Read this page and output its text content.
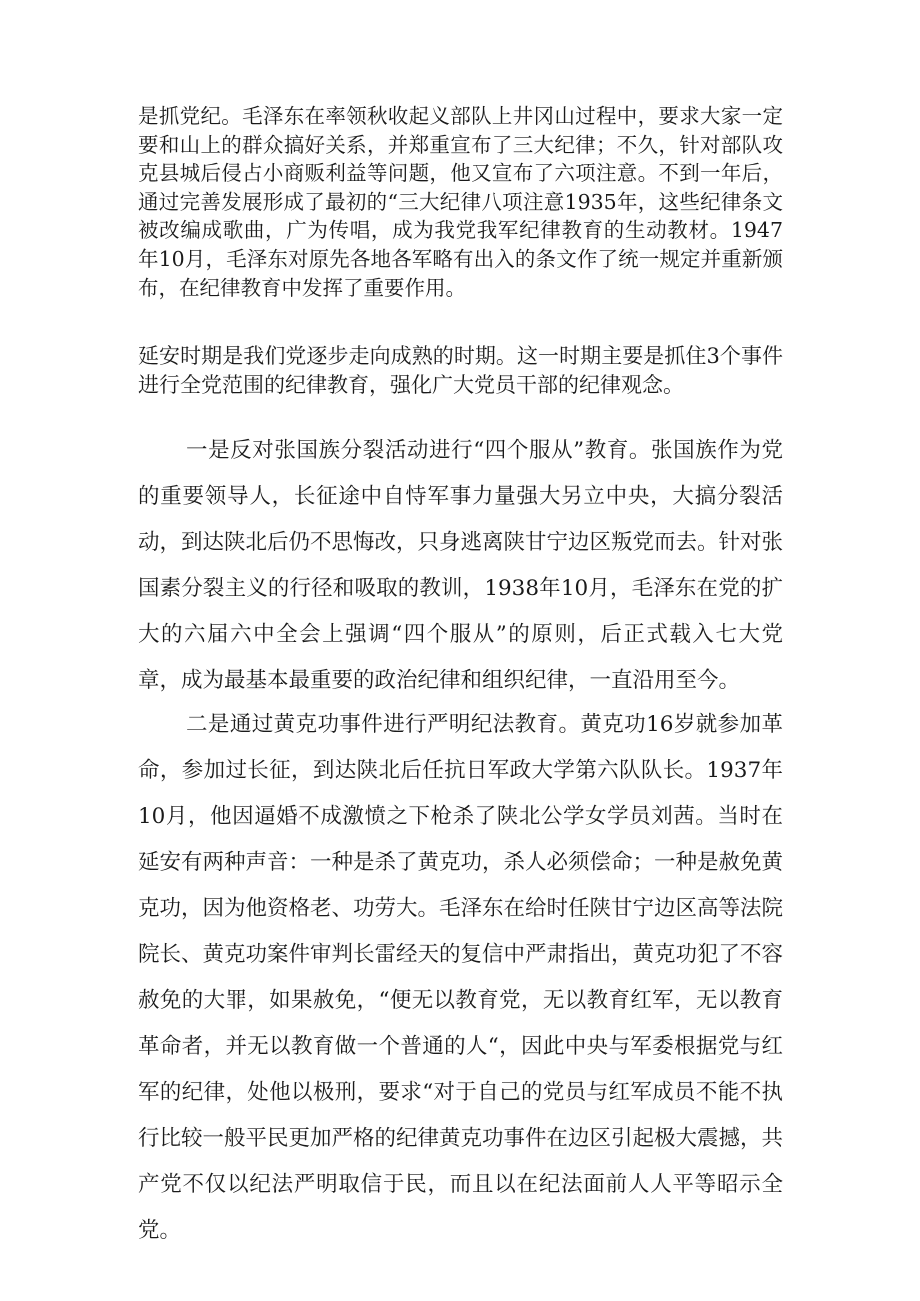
是抓党纪。毛泽东在率领秋收起义部队上井冈山过程中，要求大家一定要和山上的群众搞好关系，并郑重宣布了三大纪律；不久，针对部队攻克县城后侵占小商贩利益等问题，他又宣布了六项注意。不到一年后，通过完善发展形成了最初的“三大纪律八项注意1935年，这些纪律条文被改编成歌曲，广为传唱，成为我党我军纪律教育的生动教材。1947年10月，毛泽东对原先各地各军略有出入的条文作了统一规定并重新颁布，在纪律教育中发挥了重要作用。

延安时期是我们党逐步走向成熟的时期。这一时期主要是抓住3个事件进行全党范围的纪律教育，强化广大党员干部的纪律观念。

一是反对张国族分裂活动进行“四个服从”教育。张国族作为党的重要领导人，长征途中自恃军事力量强大另立中央，大搞分裂活动，到达陕北后仍不思悔改，只身逃离陕甘宁边区叛党而去。针对张国素分裂主义的行径和吸取的教训，1938年10月，毛泽东在党的扩大的六届六中全会上强调“四个服从”的原则，后正式载入七大党章，成为最基本最重要的政治纪律和组织纪律，一直沿用至今。

二是通过黄克功事件进行严明纪法教育。黄克功16岁就参加革命，参加过长征，到达陕北后任抗日军政大学第六队队长。1937年10月，他因逼婚不成激愤之下枪杀了陕北公学女学员刘茜。当时在延安有两种声音：一种是杀了黄克功，杀人必须偿命；一种是赦免黄克功，因为他资格老、功劳大。毛泽东在给时任陕甘宁边区高等法院院长、黄克功案件审判长雷经天的复信中严肃指出，黄克功犯了不容赦免的大罪，如果赦免，“便无以教育党，无以教育红军，无以教育革命者，并无以教育做一个普通的人“，因此中央与军委根据党与红军的纪律，处他以极刑，要求“对于自己的党员与红军成员不能不执行比较一般平民更加严格的纪律黄克功事件在边区引起极大震撼，共产党不仅以纪法严明取信于民，而且以在纪法面前人人平等昭示全党。
